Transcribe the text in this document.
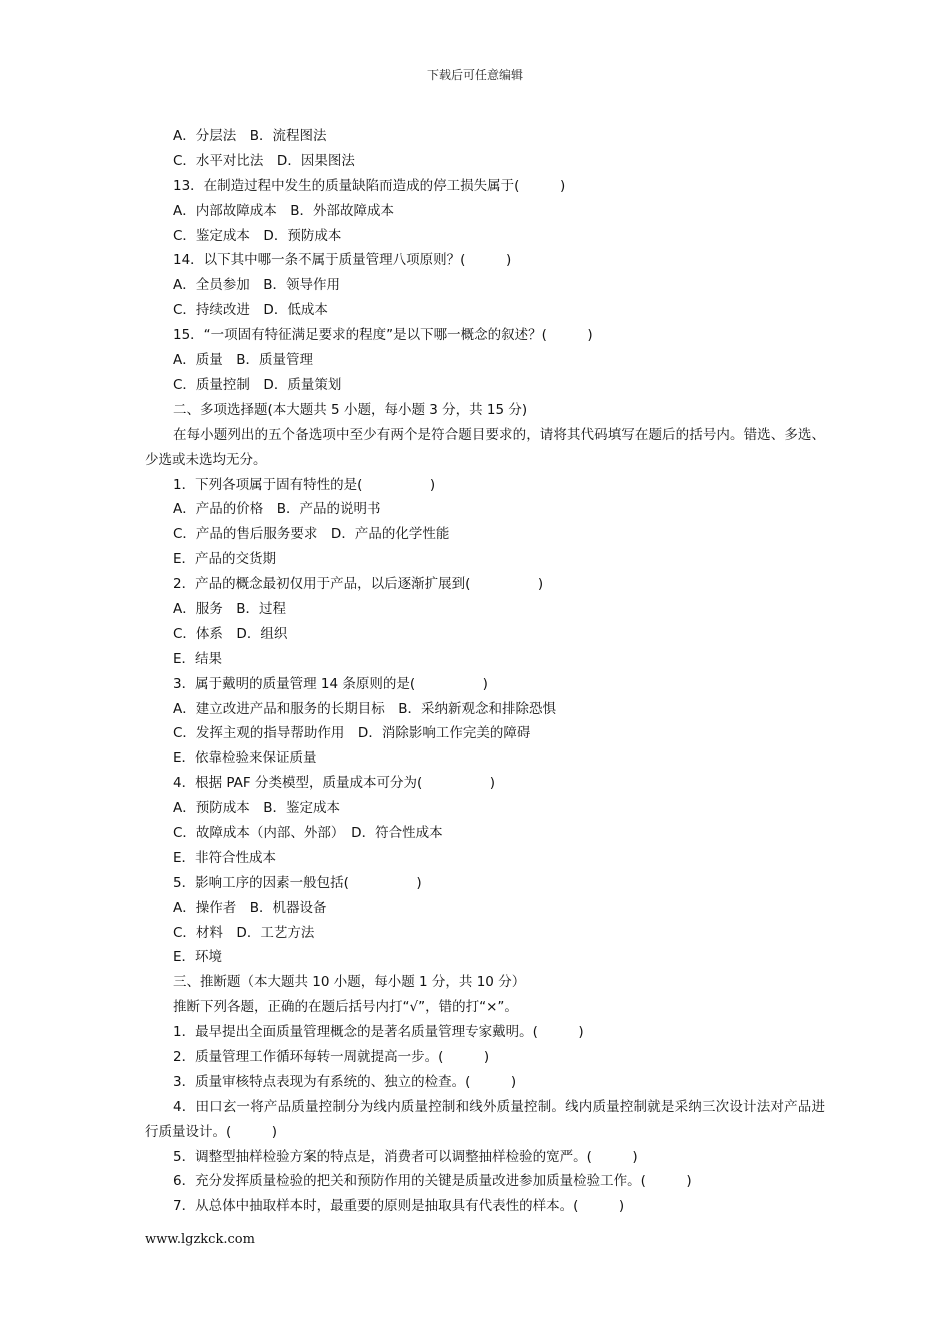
下载后可任意编辑
A．分层法　B．流程图法
C．水平对比法　D．因果图法
13．在制造过程中发生的质量缺陷而造成的停工损失属于(　　　)
A．内部故障成本　B．外部故障成本
C．鉴定成本　D．预防成本
14．以下其中哪一条不属于质量管理八项原则？(　　　)
A．全员参加　B．领导作用
C．持续改进　D．低成本
15．“一项固有特征满足要求的程度”是以下哪一概念的叙述？(　　　)
A．质量　B．质量管理
C．质量控制　D．质量策划
二、多项选择题(本大题共 5 小题，每小题 3 分，共 15 分)
在每小题列出的五个备选项中至少有两个是符合题目要求的，请将其代码填写在题后的括号内。错选、多选、少选或未选均无分。
1．下列各项属于固有特性的是(　　　　　)
A．产品的价格　B．产品的说明书
C．产品的售后服务要求　D．产品的化学性能
E．产品的交货期
2．产品的概念最初仅用于产品，以后逐渐扩展到(　　　　　)
A．服务　B．过程
C．体系　D．组织
E．结果
3．属于戴明的质量管理 14 条原则的是(　　　　　)
A．建立改进产品和服务的长期目标　B．采纳新观念和排除恐惧
C．发挥主观的指导帮助作用　D．消除影响工作完美的障碍
E．依靠检验来保证质量
4．根据 PAF 分类模型，质量成本可分为(　　　　　)
A．预防成本　B．鉴定成本
C．故障成本（内部、外部）　D．符合性成本
E．非符合性成本
5．影响工序的因素一般包括(　　　　　)
A．操作者　B．机器设备
C．材料　D．工艺方法
E．环境
三、推断题（本大题共 10 小题，每小题 1 分，共 10 分）
推断下列各题，正确的在题后括号内打“√”，错的打“×”。
1．最早提出全面质量管理概念的是著名质量管理专家戴明。(　　　)
2．质量管理工作循环每转一周就提高一步。(　　　)
3．质量审核特点表现为有系统的、独立的检查。(　　　)
4．田口玄一将产品质量控制分为线内质量控制和线外质量控制。线内质量控制就是采纳三次设计法对产品进行质量设计。(　　　)
5．调整型抽样检验方案的特点是，消费者可以调整抽样检验的宽严。(　　　)
6．充分发挥质量检验的把关和预防作用的关键是质量改进参加质量检验工作。(　　　)
7．从总体中抽取样本时，最重要的原则是抽取具有代表性的样本。(　　　)
www.lgzkck.com
